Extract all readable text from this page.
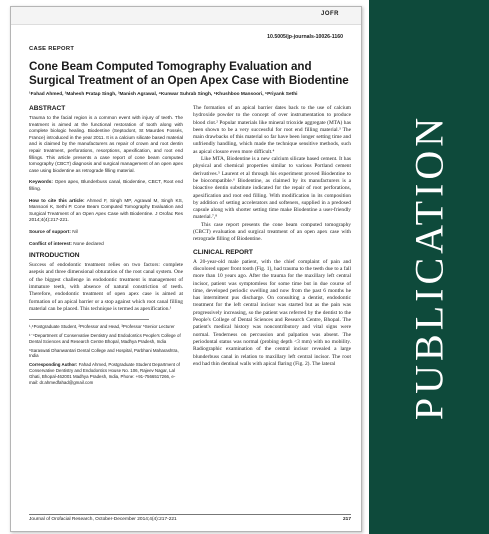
JOFR
10.5005/jp-journals-10026-1160
CASE REPORT
Cone Beam Computed Tomography Evaluation and Surgical Treatment of an Open Apex Case with Biodentine
¹Fahad Ahmed, ²Mahesh Pratap Singh, ³Manish Agrawal, ⁴Kunwar Suhrab Singh, ⁵Khushboo Mansoori, ⁶Priyank Sethi
ABSTRACT

Trauma to the facial region is a common event with injury of teeth. The treatment is aimed at the functional restoration of tooth along with complete biologic healing. Biodentine (Septodont, St Maurdes Fossés, France) introduced in the year 2011. It is a calcium silicate based material and is claimed by the manufacturers as repair of crown and root dentin repair treatment, perforations, resorptions, apexification, and root end fillings. This article presents a case report of cone beam computed tomography (CBCT) diagnosis and surgical management of an open apex case using biodentine as retrograde filling material.

Keywords: Open apex, Blunderbuss canal, Biodentine, CBCT, Root end filling.

How to cite this article: Ahmed F, Singh MP, Agrawal M, Singh KS, Mansoori K, Sethi P. Cone Beam Computed Tomography Evaluation and Surgical Treatment of an Open Apex Case with Biodentine. J Orofac Res 2014;4(4):217-221.

Source of support: Nil

Conflict of interest: None declared

INTRODUCTION

Success of endodontic treatment relies on two factors: complete asepsis and three dimensional obturation of the root canal system. One of the biggest challenge in endodontic treatment is management of immature teeth, with absence of natural constriction of teeth. Therefore, endodontic treatment of open apex case is aimed at formation of an apical barrier or a stop against which root canal filling material can be placed. This technique is termed as apexification.¹

¹,⁴Postgraduate Student, ²Professor and Head, ³Professor ⁵Senior Lecturer

¹⁻⁴Department of Conservative Dentistry and Endodontics People's College of Dental Sciences and Research Centre Bhopal, Madhya Pradesh, India

⁶Saraswati Dhanwantari Dental College and Hospital, Parbhani Maharashtra, India

Corresponding Author: Fahad Ahmed, Postgraduate Student Department of Conservative Dentistry and Endodontics House No. 106, Rajeev Nagar, Lal Ghati, Bhopal-462001 Madhya Pradesh, India, Phone: +91-7566517266, e-mail: dr.ahmedfahad@gmail.com

The formation of an apical barrier dates back to the use of calcium hydroxide powder to the concept of over instrumentation to produce blood clot.² Popular materials like mineral trioxide aggregate (MTA) has been shown to be a very successful for root end filling material.³ The main drawbacks of this material so far have been longer setting time and unfriendly handling, which made the technique sensitive methods, such as apical closure even more difficult.⁴

Like MTA, Biodentine is a new calcium silicate based cement. It has physical and chemical properties similar to various Portland cement derivatives.⁵ Laurent et al through his experiment proved Biodentine to be biocompatible.⁶ Biodentine, as claimed by its manufacturers is a bioactive dentin substitute indicated for the repair of root perforations, apexification and root end filling. With modification in its composition by addition of setting accelerators and softeners, supplied in a predosed capsule along with shorter setting time make Biodentine a user-friendly material.⁷,⁸

This case report presents the cone beam computed tomography (CBCT) evaluation and surgical treatment of an open apex case with retrograde filling of Biodentine.

CLINICAL REPORT

A 20-year-old male patient, with the chief complaint of pain and discolored upper front tooth (Fig. 1), had trauma to the teeth due to a fall more than 10 years ago. After the trauma for the maxillary left central incisor, patient was symptomless for some time but in due course of time, developed periodic swelling and now from the past 6 months he has intermittent pus discharge. On consulting a dentist, endodontic treatment for the left central incisor was started but as the pain was progressively increasing, so the patient was referred by the dentist to the People's College of Dental Sciences and Research Centre, Bhopal. The patient's medical history was noncontributory and vital signs were normal. Tenderness on percussion and palpation was absent. The periodontal status was normal (probing depth <3 mm) with no mobility. Radiographic examination of the central incisor revealed a large blunderbuss canal in relation to maxillary left central incisor. The root end had thin dentinal walls with apical flaring (Fig. 2). The lateral

Journal of Orofacial Research, October-December 2014;4(4):217-221	217
PUBLICATION
